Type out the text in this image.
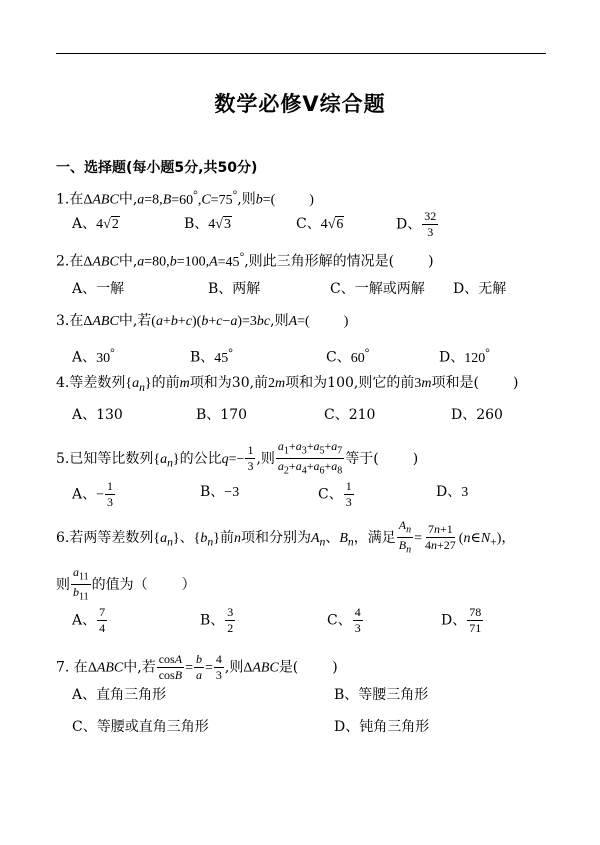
数学必修V综合题
一、选择题(每小题5分,共50分)
1.在ΔABC中,a=8,B=60°,C=75°,则b=( )
A、4√2	B、4√3	C、4√6	D、 $\frac{32}{3}$
2.在ΔABC中,a=80,b=100,A=45°,则此三角形解的情况是( )
A、一解	B、两解	C、一解或两解 D、无解
3.在ΔABC中,若(a+b+c)(b+c−a)=3bc,则A=( )
A、30°	B、45°	C、60°	D、120°
4.等差数列$\{a_n\}$的前m项和为30,前2m项和为100,则它的前3m项和是( )
A、130	B、170	C、210	D、260
5.已知等比数列$\{a_n\}$的公比$q=- \frac{1}{3}$ ,则 $\frac{a_1+a_3+a_5+a_7}{a_2+a_4+a_6+a_8}$ 等于( )
A、− $\frac{1}{3}$	B、−3	C、 $\frac{1}{3}$	D、3
6.若两等差数列$\{a_n\}$、$\{b_n\}$前n项和分别为$A_n$、$B_n$，满足 $\frac{A_n}{B_n} = \frac{7n+1}{4n+27}$ $(n\in N_+)$，
则 $\frac{a_{11}}{b_{11}}$ 的值为（ ）
A、 $\frac{7}{4}$	B、 $\frac{3}{2}$	C、 $\frac{4}{3}$	D、 $\frac{78}{71}$
7. 在ΔABC中,若 $\frac{\cos A}{\cos B} = \frac{b}{a} = \frac{4}{3}$ ,则ΔABC是( )
A、直角三角形	B、等腰三角形
C、等腰或直角三角形	D、钝角三角形
